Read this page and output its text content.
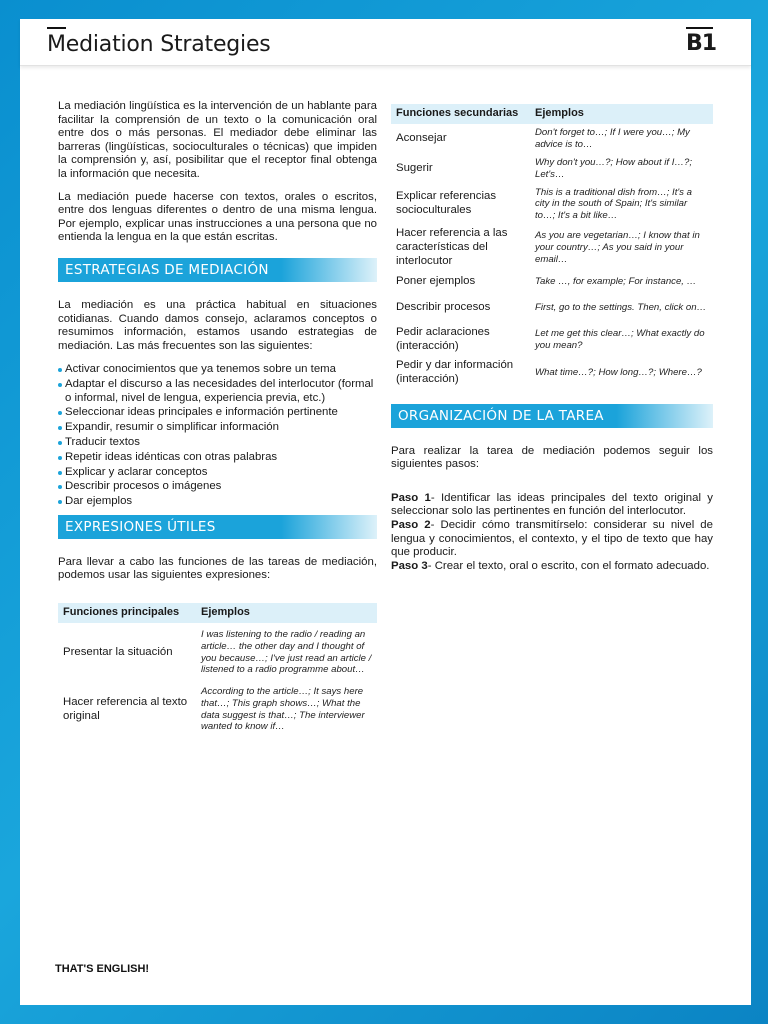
Mediation Strategies	B1

La mediación lingüística es la intervención de un hablante para facilitar la comprensión de un texto o la comunicación oral entre dos o más personas. El mediador debe eliminar las barreras (lingüísticas, socioculturales o técnicas) que impiden la comprensión y, así, posibilitar que el receptor final obtenga la información que necesita.

La mediación puede hacerse con textos, orales o escritos, entre dos lenguas diferentes o dentro de una misma lengua. Por ejemplo, explicar unas instrucciones a una persona que no entienda la lengua en la que están escritas.

ESTRATEGIAS DE MEDIACIÓN

La mediación es una práctica habitual en situaciones cotidianas. Cuando damos consejo, aclaramos conceptos o resumimos información, estamos usando estrategias de mediación. Las más frecuentes son las siguientes:

Activar conocimientos que ya tenemos sobre un tema
Adaptar el discurso a las necesidades del interlocutor (formal o informal, nivel de lengua, experiencia previa, etc.)
Seleccionar ideas principales e información pertinente
Expandir, resumir o simplificar información
Traducir textos
Repetir ideas idénticas con otras palabras
Explicar y aclarar conceptos
Describir procesos o imágenes
Dar ejemplos
EXPRESIONES ÚTILES

Para llevar a cabo las funciones de las tareas de mediación, podemos usar las siguientes expresiones:

Funciones principales	Ejemplos
Presentar la situación	I was listening to the radio / reading an article… the other day and I thought of you because…; I've just read an article / listened to a radio programme about…
Hacer referencia al texto original	According to the article…; It says here that…; This graph shows…; What the data suggest is that…; The interviewer wanted to know if…
Funciones secundarias	Ejemplos
Aconsejar	Don't forget to…; If I were you…; My advice is to…
Sugerir	Why don't you…?; How about if I…?; Let's…
Explicar referencias socioculturales	This is a traditional dish from…; It's a city in the south of Spain; It's similar to…; It's a bit like…
Hacer referencia a las características del interlocutor	As you are vegetarian…; I know that in your country…; As you said in your email…
Poner ejemplos	Take …, for example; For instance, …
Describir procesos	First, go to the settings. Then, click on…
Pedir aclaraciones (interacción)	Let me get this clear…; What exactly do you mean?
Pedir y dar información (interacción)	What time…?; How long…?; Where…?
ORGANIZACIÓN DE LA TAREA

Para realizar la tarea de mediación podemos seguir los siguientes pasos:

Paso 1- Identificar las ideas principales del texto original y seleccionar solo las pertinentes en función del interlocutor.

Paso 2- Decidir cómo transmitírselo: considerar su nivel de lengua y conocimientos, el contexto, y el tipo de texto que hay que producir.

Paso 3- Crear el texto, oral o escrito, con el formato adecuado.

THAT'S ENGLISH!
